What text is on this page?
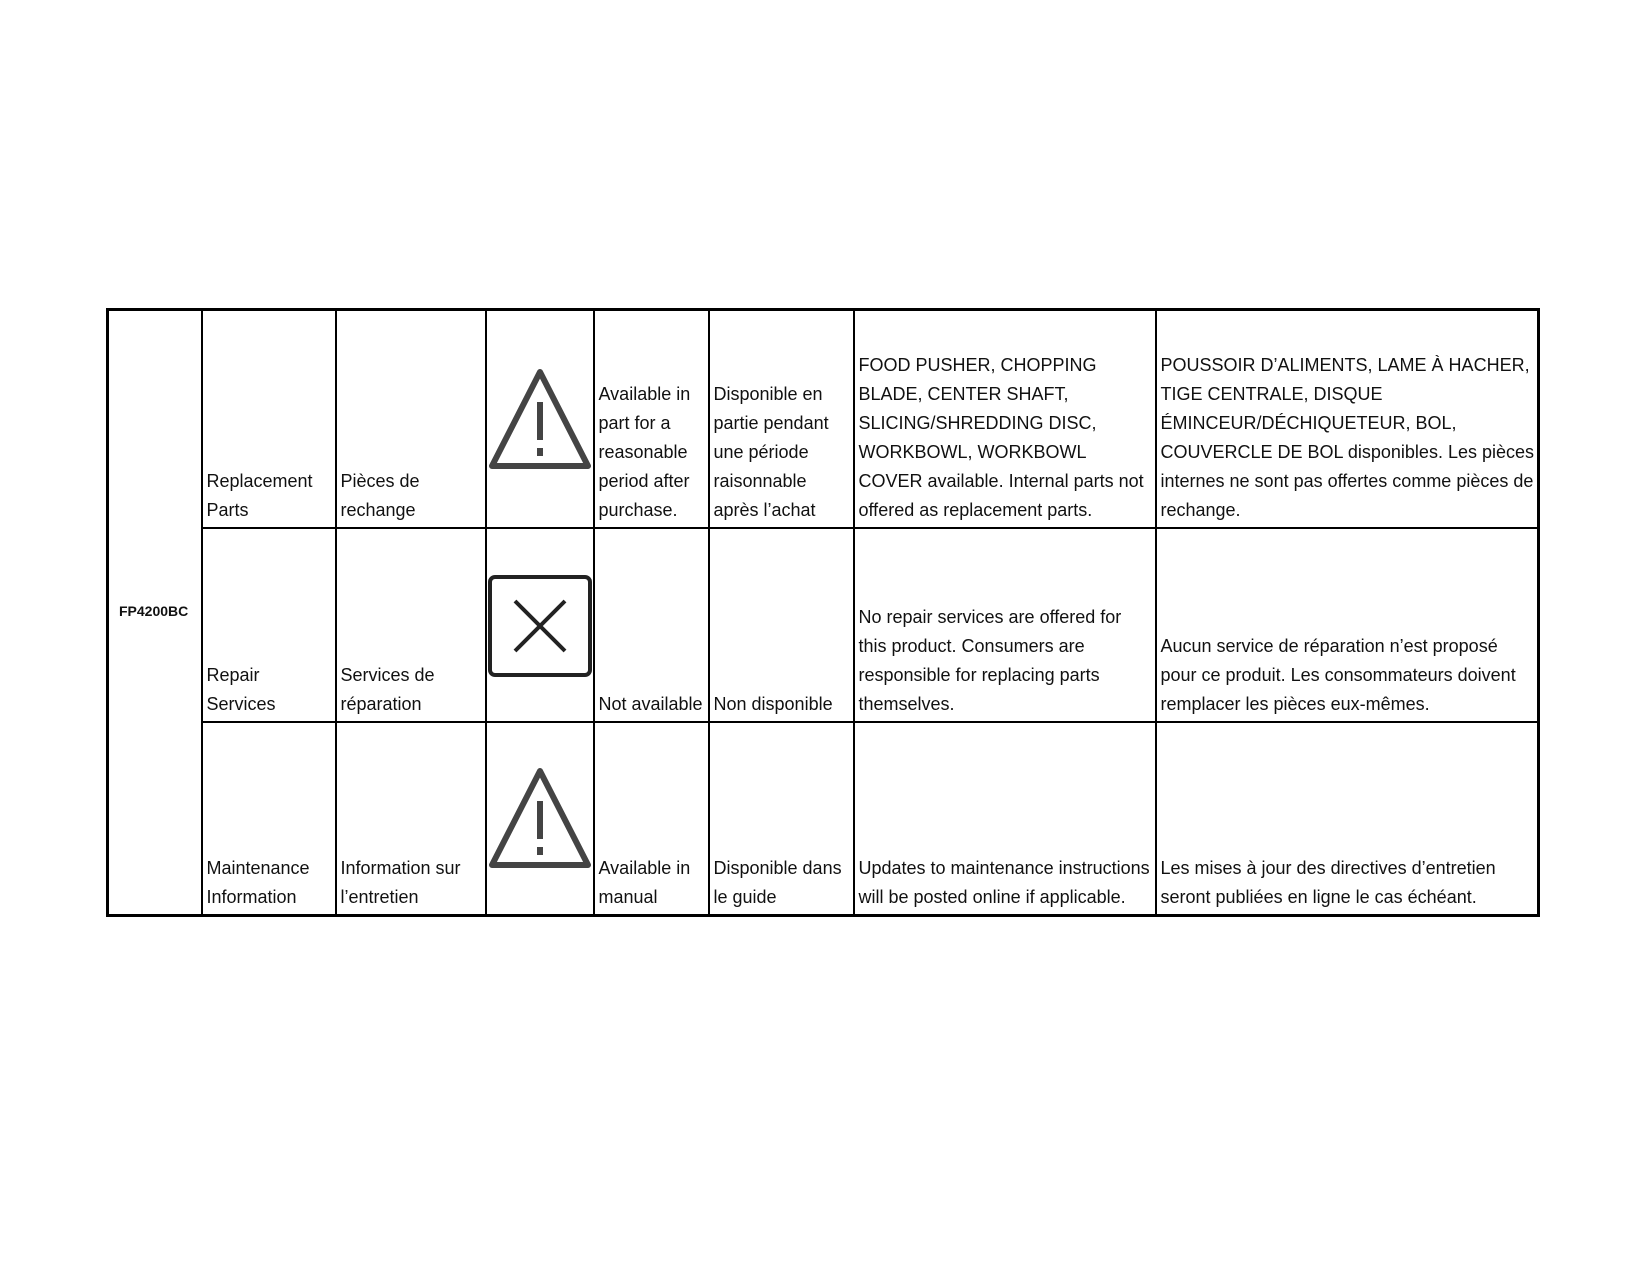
FP4200BC	Replacement Parts	Pièces de rechange		Available in part for a reasonable period after purchase.	Disponible en partie pendant une période raisonnable après l’achat	FOOD PUSHER, CHOPPING BLADE, CENTER SHAFT, SLICING/SHREDDING DISC, WORKBOWL, WORKBOWL COVER available. Internal parts not offered as replacement parts.	POUSSOIR D’ALIMENTS, LAME À HACHER, TIGE CENTRALE, DISQUE ÉMINCEUR/DÉCHIQUETEUR, BOL, COUVERCLE DE BOL disponibles. Les pièces internes ne sont pas offertes comme pièces de rechange.
	Repair Services	Services de réparation		Not available	Non disponible	No repair services are offered for this product. Consumers are responsible for replacing parts themselves.	Aucun service de réparation n’est proposé pour ce produit. Les consommateurs doivent remplacer les pièces eux-mêmes.
	Maintenance Information	Information sur l’entretien		Available in manual	Disponible dans le guide	Updates to maintenance instructions will be posted online if applicable.	Les mises à jour des directives d’entretien seront publiées en ligne le cas échéant.
